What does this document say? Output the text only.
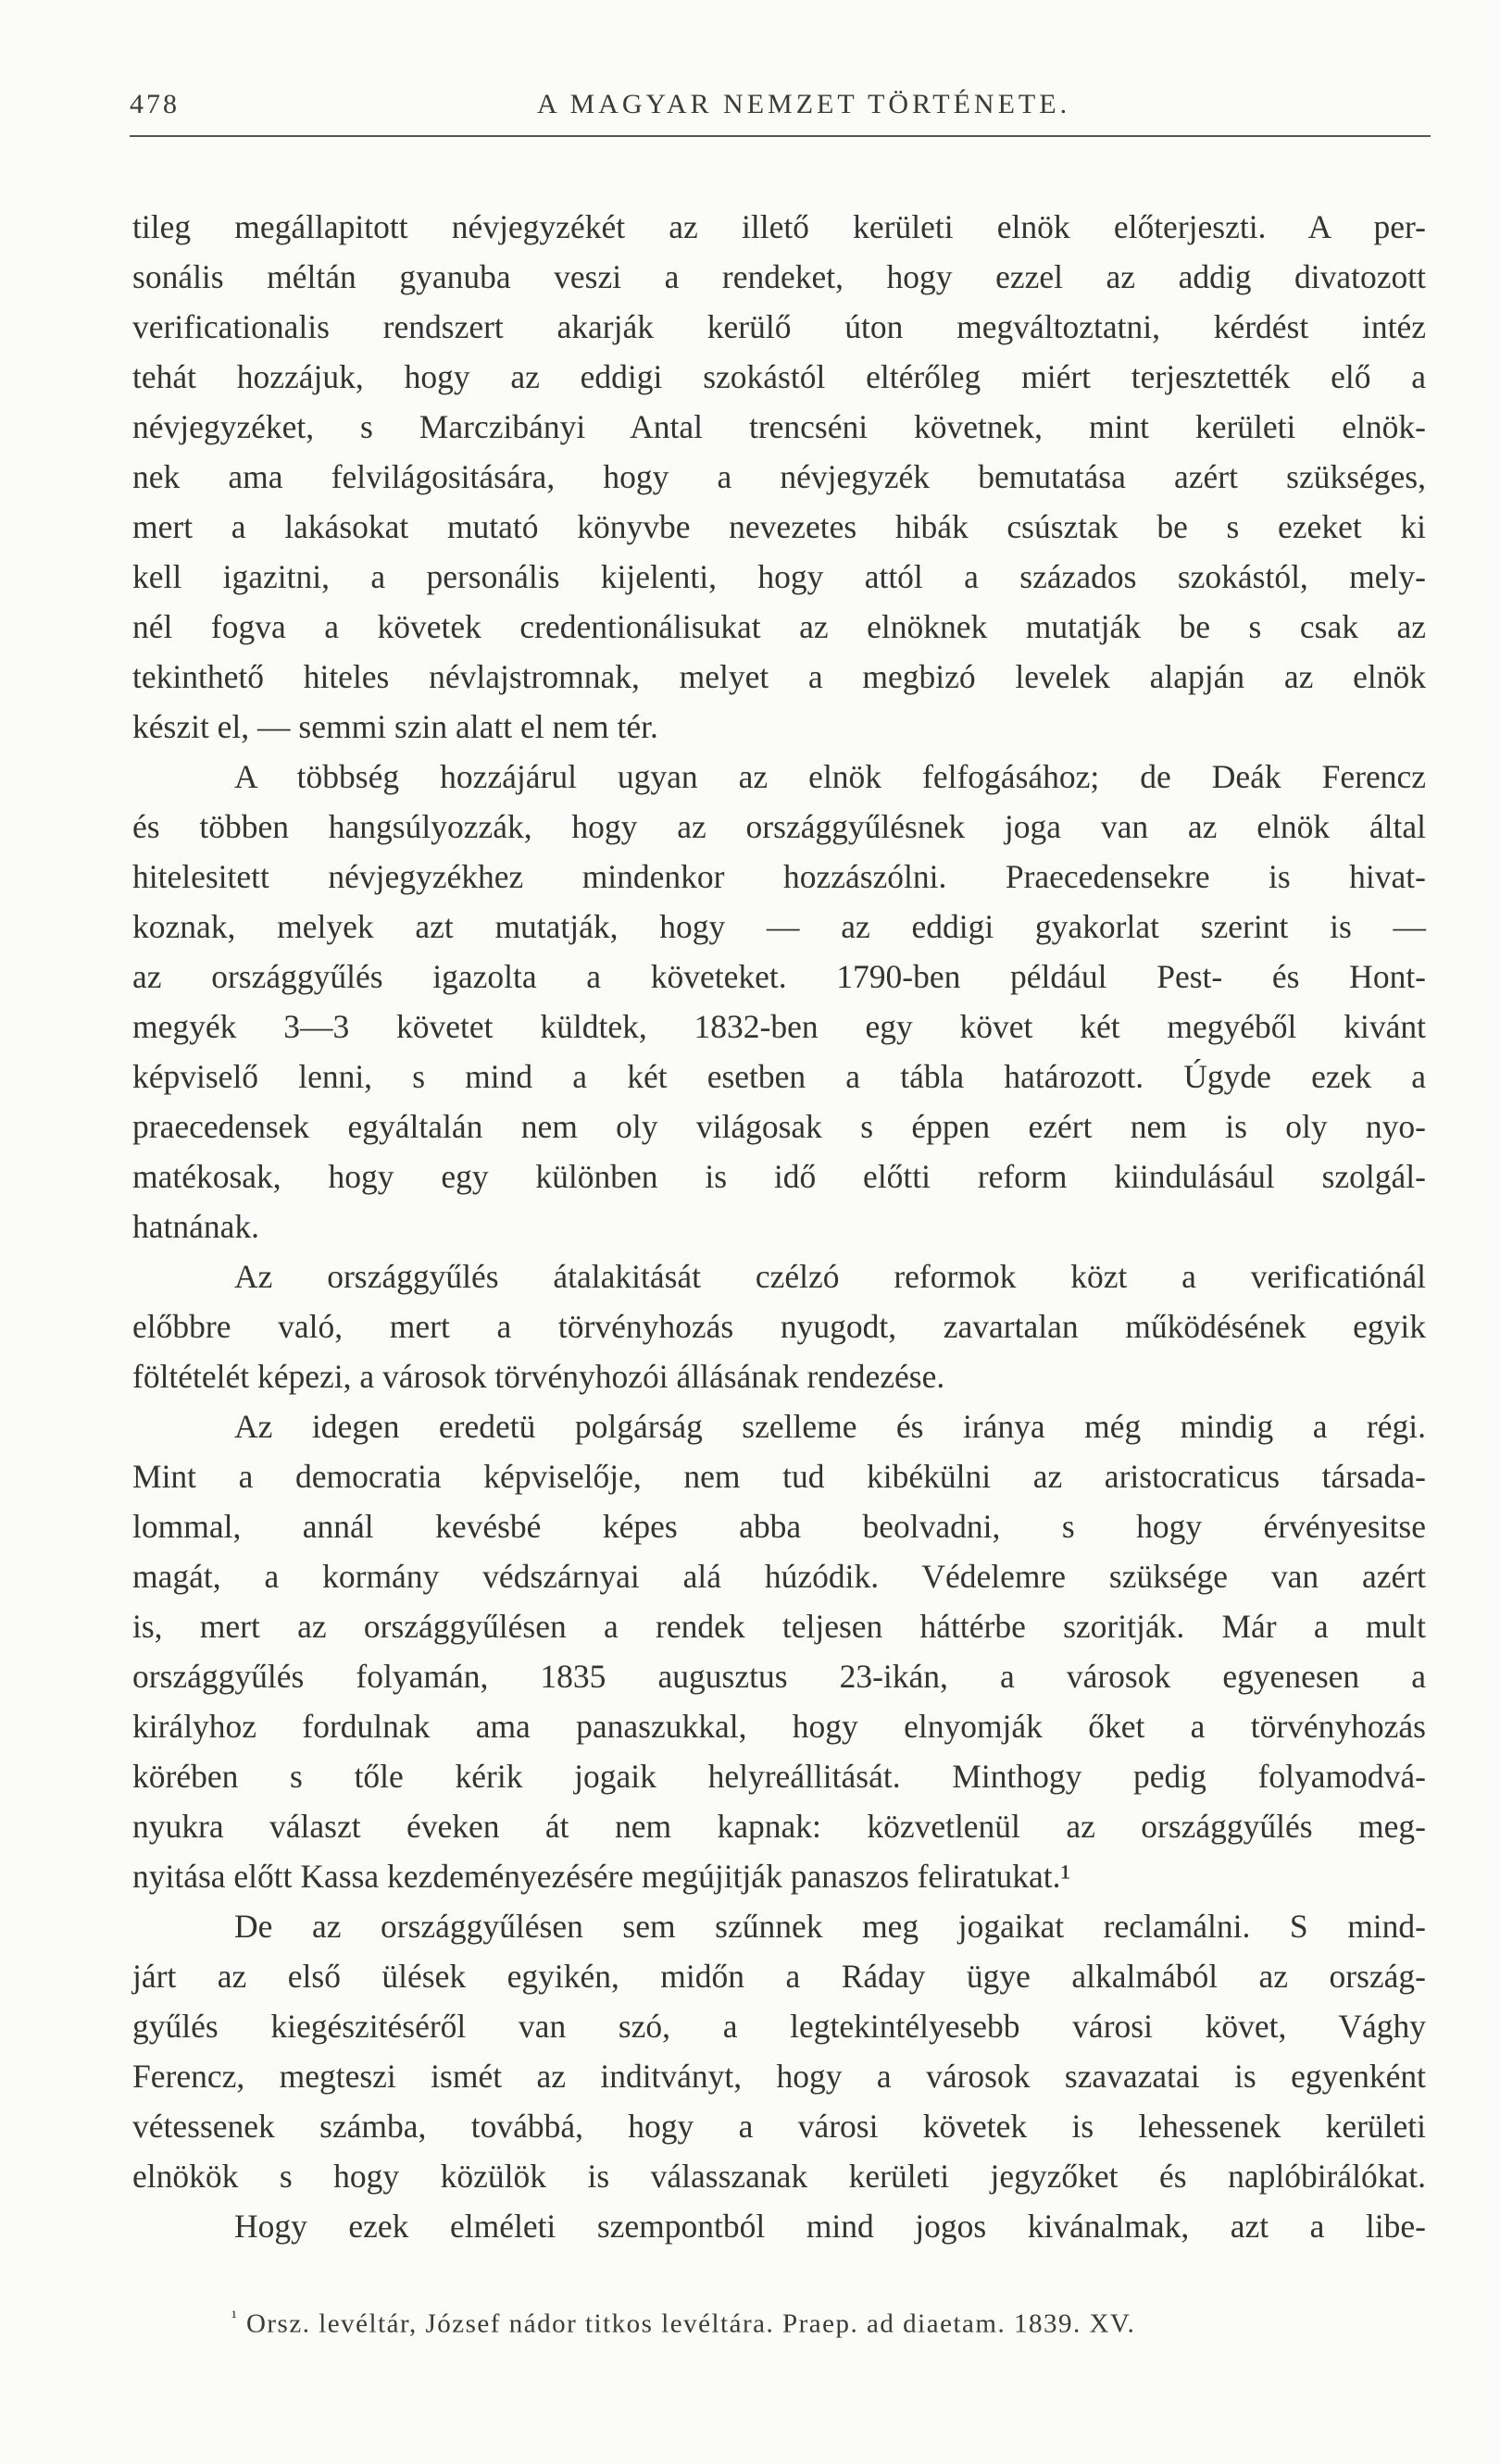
478	A MAGYAR NEMZET TÖRTÉNETE.

tileg megállapitott névjegyzékét az illető kerületi elnök előterjeszti. A per-

sonális méltán gyanuba veszi a rendeket, hogy ezzel az addig divatozott

verificationalis rendszert akarják kerülő úton megváltoztatni, kérdést intéz

tehát hozzájuk, hogy az eddigi szokástól eltérőleg miért terjesztették elő a

névjegyzéket, s Marczibányi Antal trencséni követnek, mint kerületi elnök-

nek ama felvilágositására, hogy a névjegyzék bemutatása azért szükséges,

mert a lakásokat mutató könyvbe nevezetes hibák csúsztak be s ezeket ki

kell igazitni, a personális kijelenti, hogy attól a százados szokástól, mely-

nél fogva a követek credentionálisukat az elnöknek mutatják be s csak az

tekinthető hiteles névlajstromnak, melyet a megbizó levelek alapján az elnök

készit el, — semmi szin alatt el nem tér.

A többség hozzájárul ugyan az elnök felfogásához; de Deák Ferencz

és többen hangsúlyozzák, hogy az országgyűlésnek joga van az elnök által

hitelesitett névjegyzékhez mindenkor hozzászólni. Praecedensekre is hivat-

koznak, melyek azt mutatják, hogy — az eddigi gyakorlat szerint is —

az országgyűlés igazolta a követeket. 1790-ben például Pest- és Hont-

megyék 3—3 követet küldtek, 1832-ben egy követ két megyéből kivánt

képviselő lenni, s mind a két esetben a tábla határozott. Úgyde ezek a

praecedensek egyáltalán nem oly világosak s éppen ezért nem is oly nyo-

matékosak, hogy egy különben is idő előtti reform kiindulásául szolgál-

hatnának.

Az országgyűlés átalakitását czélzó reformok közt a verificatiónál

előbbre való, mert a törvényhozás nyugodt, zavartalan működésének egyik

föltételét képezi, a városok törvényhozói állásának rendezése.

Az idegen eredetü polgárság szelleme és iránya még mindig a régi.

Mint a democratia képviselője, nem tud kibékülni az aristocraticus társada-

lommal, annál kevésbé képes abba beolvadni, s hogy érvényesitse

magát, a kormány védszárnyai alá húzódik. Védelemre szüksége van azért

is, mert az országgyűlésen a rendek teljesen háttérbe szoritják. Már a mult

országgyűlés folyamán, 1835 augusztus 23-ikán, a városok egyenesen a

királyhoz fordulnak ama panaszukkal, hogy elnyomják őket a törvényhozás

körében s tőle kérik jogaik helyreállitását. Minthogy pedig folyamodvá-

nyukra választ éveken át nem kapnak: közvetlenül az országgyűlés meg-

nyitása előtt Kassa kezdeményezésére megújitják panaszos feliratukat.¹

De az országgyűlésen sem szűnnek meg jogaikat reclamálni. S mind-

járt az első ülések egyikén, midőn a Ráday ügye alkalmából az ország-

gyűlés kiegészitéséről van szó, a legtekintélyesebb városi követ, Vághy

Ferencz, megteszi ismét az inditványt, hogy a városok szavazatai is egyenként

vétessenek számba, továbbá, hogy a városi követek is lehessenek kerületi

elnökök s hogy közülök is válasszanak kerületi jegyzőket és naplóbirálókat.

Hogy ezek elméleti szempontból mind jogos kivánalmak, azt a libe-

$^{^1}$ Orsz. levéltár, József nádor titkos levéltára. Praep. ad diaetam. 1839. XV.
